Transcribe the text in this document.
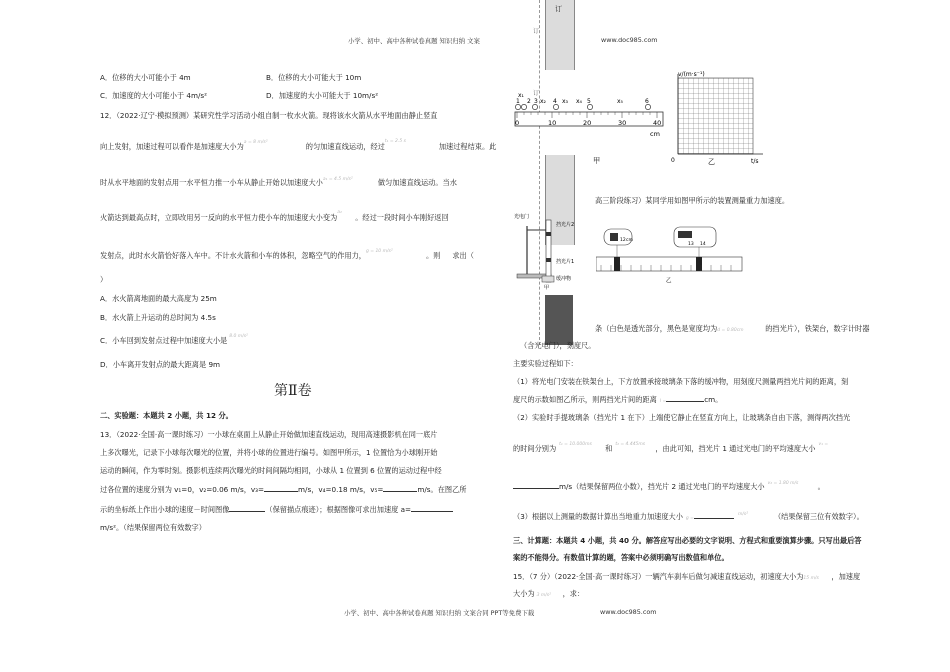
小学、初中、高中各种试卷真题 知识归纳 文案	www.doc985.com
小学、初中、高中各种试卷真题 知识归纳 文案合同 PPT等免费下载	www.doc985.com
订
订
订
A．位移的大小可能小于 4m	B．位移的大小可能大于 10m
C．加速度的大小可能小于 4m/s²	D．加速度的大小可能大于 10m/s²
12．（2022·辽宁·模拟预测）某研究性学习活动小组自制一枚水火箭。现将该水火箭从水平地面由静止竖直
向上发射，加速过程可以看作是加速度大小为a = 8 m/s²	的匀加速直线运动，经过t₁ = 2.5 s加速过程结束。此
时从水平地面的发射点用一水平恒力推一小车从静止开始以加速度大小a₁ = 4.5 m/s²	做匀加速直线运动。当水
火箭达到最高点时，立即改用另一反向的水平恒力使小车的加速度大小变为a₂。经过一段时间小车刚好返回
发射点，此时水火箭恰好落入车中。不计水火箭和小车的体积，忽略空气的作用力，g = 10 m/s²	。则 求出（
）
A．水火箭离地面的最大高度为 25m
B．水火箭上升运动的总时间为 4.5s
C．小车回到发射点过程中加速度大小是 $^{8.0 m/s^2}$
D．小车离开发射点的最大距离是 9m
第Ⅱ卷
二、实验题：本题共 2 小题，共 12 分。
13．（2022·全国·高一课时练习）一小球在桌面上从静止开始做加速直线运动，现用高速摄影机在同一底片
上多次曝光，记录下小球每次曝光的位置，并将小球的位置进行编号。如图甲所示，1 位置恰为小球刚开始
运动的瞬间，作为零时刻。摄影机连续两次曝光的时间间隔均相同，小球从 1 位置到 6 位置的运动过程中经
过各位置的速度分别为 v₁=0，v₂=0.06 m/s，v₃=	m/s，v₄=0.18 m/s，v₅=	m/s。在图乙所
示的坐标纸上作出小球的速度－时间图像	（保留描点痕迹）；根据图像可求出加速度 a=
m/s²。（结果保留两位有效数字）
x₁
x₂	x₃ x₄	x₅
1 2 3	4	5	6
0	10	20	30	40
cm
v/(m·s⁻¹)
t/s
0	乙
甲
高三阶段练习）某同学用如图甲所示的装置测量重力加速度。
光电门
挡光片2
挡光片1
缓冲物
甲
12 cm
13 14
乙
条（白色是透光部分，黑色是宽度均为d = 0.80cm	的挡光片），铁架台，数字计时器
（含光电门），刻度尺。
主要实验过程如下：
（1）将光电门安装在铁架台上，下方放置承接玻璃条下落的缓冲物，用刻度尺测量两挡光片间的距离，刻
度尺的示数如图乙所示，则两挡光片间的距离 l =	cm。
（2）实验时手提玻璃条（挡光片 1 在下）上端使它静止在竖直方向上，让玻璃条自由下落，测得两次挡光
的时间分别为 t₁ = 10.000ms 和 t₂ = 4.445ms ，由此可知，挡光片 1 通过光电门的平均速度大小 $^{v_1 =}$
m/s（结果保留两位小数），挡光片 2 通过光电门的平均速度大小 v₂ = 1.80 m/s	。
（3）根据以上测量的数据计算出当地重力加速度大小 g =m/s²	（结果保留三位有效数字）。
三、计算题：本题共 4 小题，共 40 分。解答应写出必要的文字说明、方程式和重要演算步骤。只写出最后答
案的不能得分。有数值计算的题，答案中必须明确写出数值和单位。
15．（7 分）（2022·全国·高一课时练习）一辆汽车刹车后做匀减速直线运动，初速度大小为15 m/s ，加速度
大小为 3 m/s² ，求：
